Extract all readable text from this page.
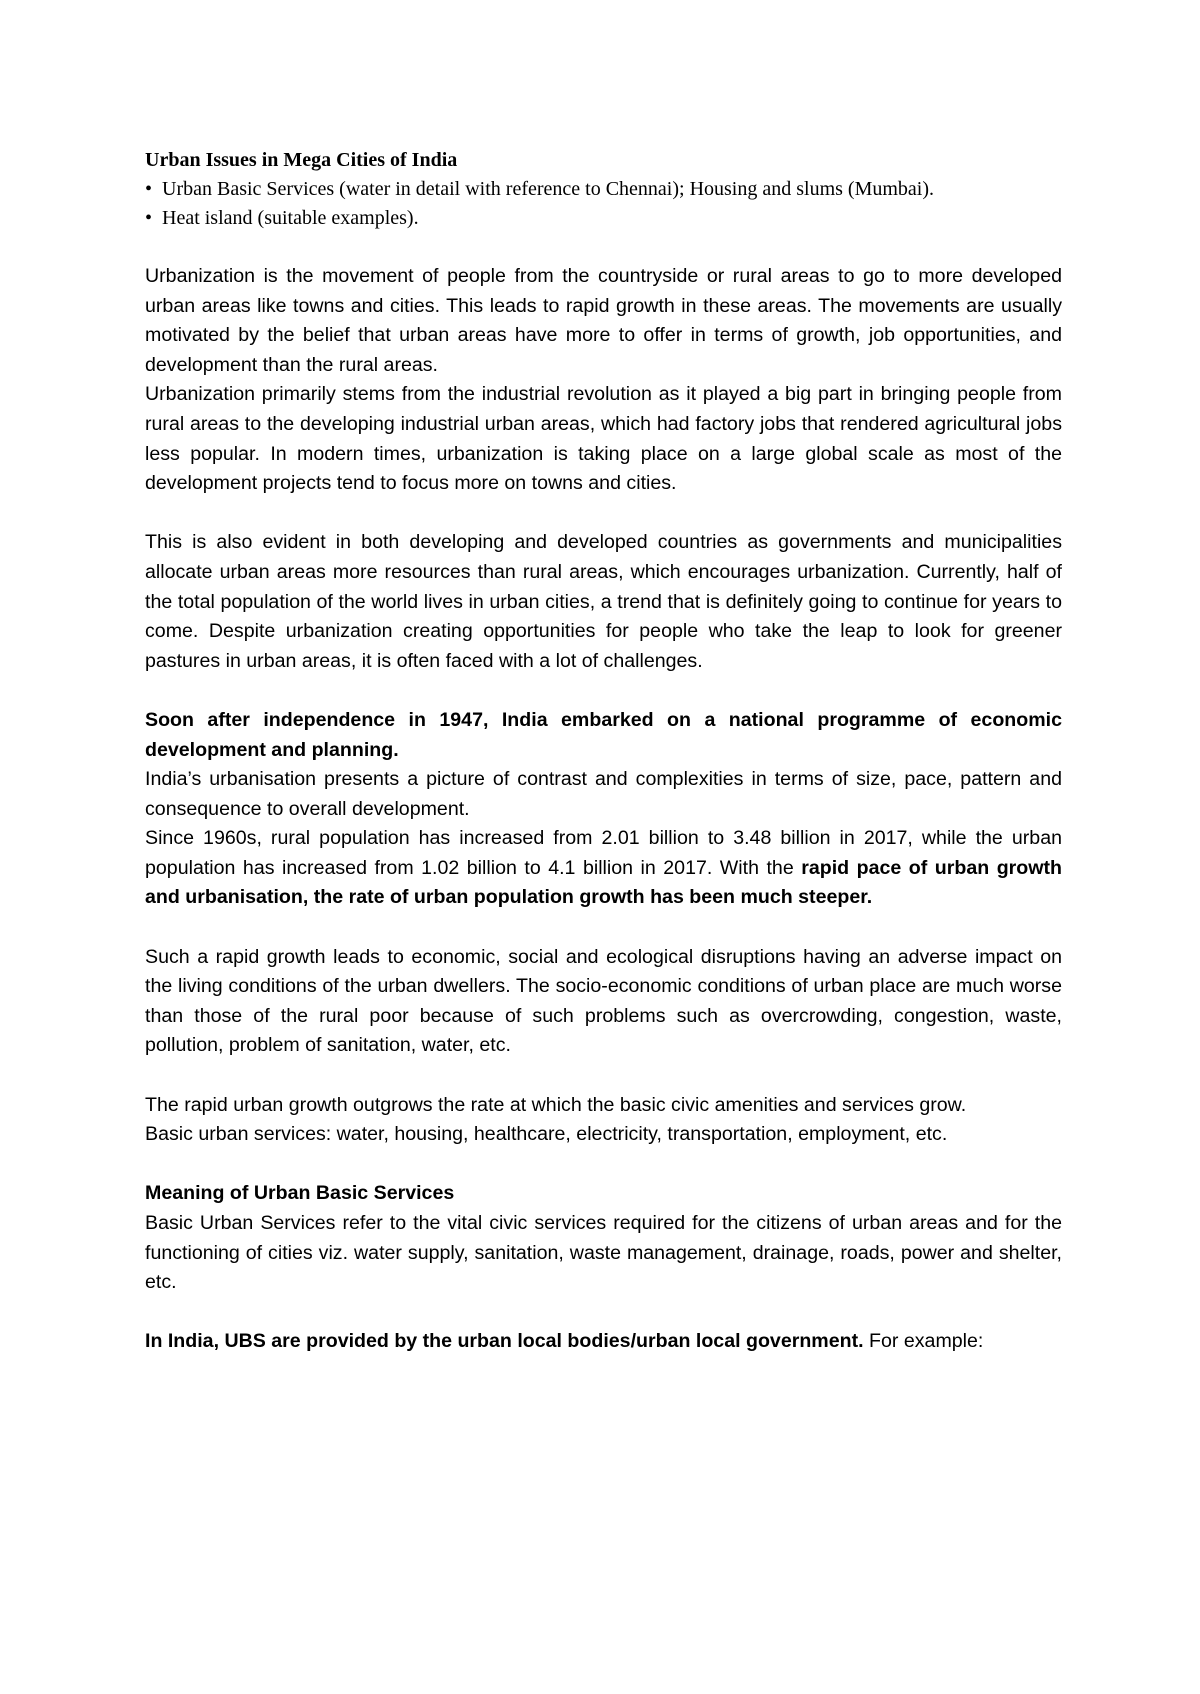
Urban Issues in Mega Cities of India

• Urban Basic Services (water in detail with reference to Chennai); Housing and slums (Mumbai).

• Heat island (suitable examples).

Urbanization is the movement of people from the countryside or rural areas to go to more developed urban areas like towns and cities. This leads to rapid growth in these areas. The movements are usually motivated by the belief that urban areas have more to offer in terms of growth, job opportunities, and development than the rural areas.

Urbanization primarily stems from the industrial revolution as it played a big part in bringing people from rural areas to the developing industrial urban areas, which had factory jobs that rendered agricultural jobs less popular. In modern times, urbanization is taking place on a large global scale as most of the development projects tend to focus more on towns and cities.

This is also evident in both developing and developed countries as governments and municipalities allocate urban areas more resources than rural areas, which encourages urbanization. Currently, half of the total population of the world lives in urban cities, a trend that is definitely going to continue for years to come. Despite urbanization creating opportunities for people who take the leap to look for greener pastures in urban areas, it is often faced with a lot of challenges.

Soon after independence in 1947, India embarked on a national programme of economic development and planning.

India’s urbanisation presents a picture of contrast and complexities in terms of size, pace, pattern and consequence to overall development.

Since 1960s, rural population has increased from 2.01 billion to 3.48 billion in 2017, while the urban population has increased from 1.02 billion to 4.1 billion in 2017. With the rapid pace of urban growth and urbanisation, the rate of urban population growth has been much steeper.

Such a rapid growth leads to economic, social and ecological disruptions having an adverse impact on the living conditions of the urban dwellers. The socio-economic conditions of urban place are much worse than those of the rural poor because of such problems such as overcrowding, congestion, waste, pollution, problem of sanitation, water, etc.

The rapid urban growth outgrows the rate at which the basic civic amenities and services grow.

Basic urban services: water, housing, healthcare, electricity, transportation, employment, etc.

Meaning of Urban Basic Services

Basic Urban Services refer to the vital civic services required for the citizens of urban areas and for the functioning of cities viz. water supply, sanitation, waste management, drainage, roads, power and shelter, etc.

In India, UBS are provided by the urban local bodies/urban local government. For example:
